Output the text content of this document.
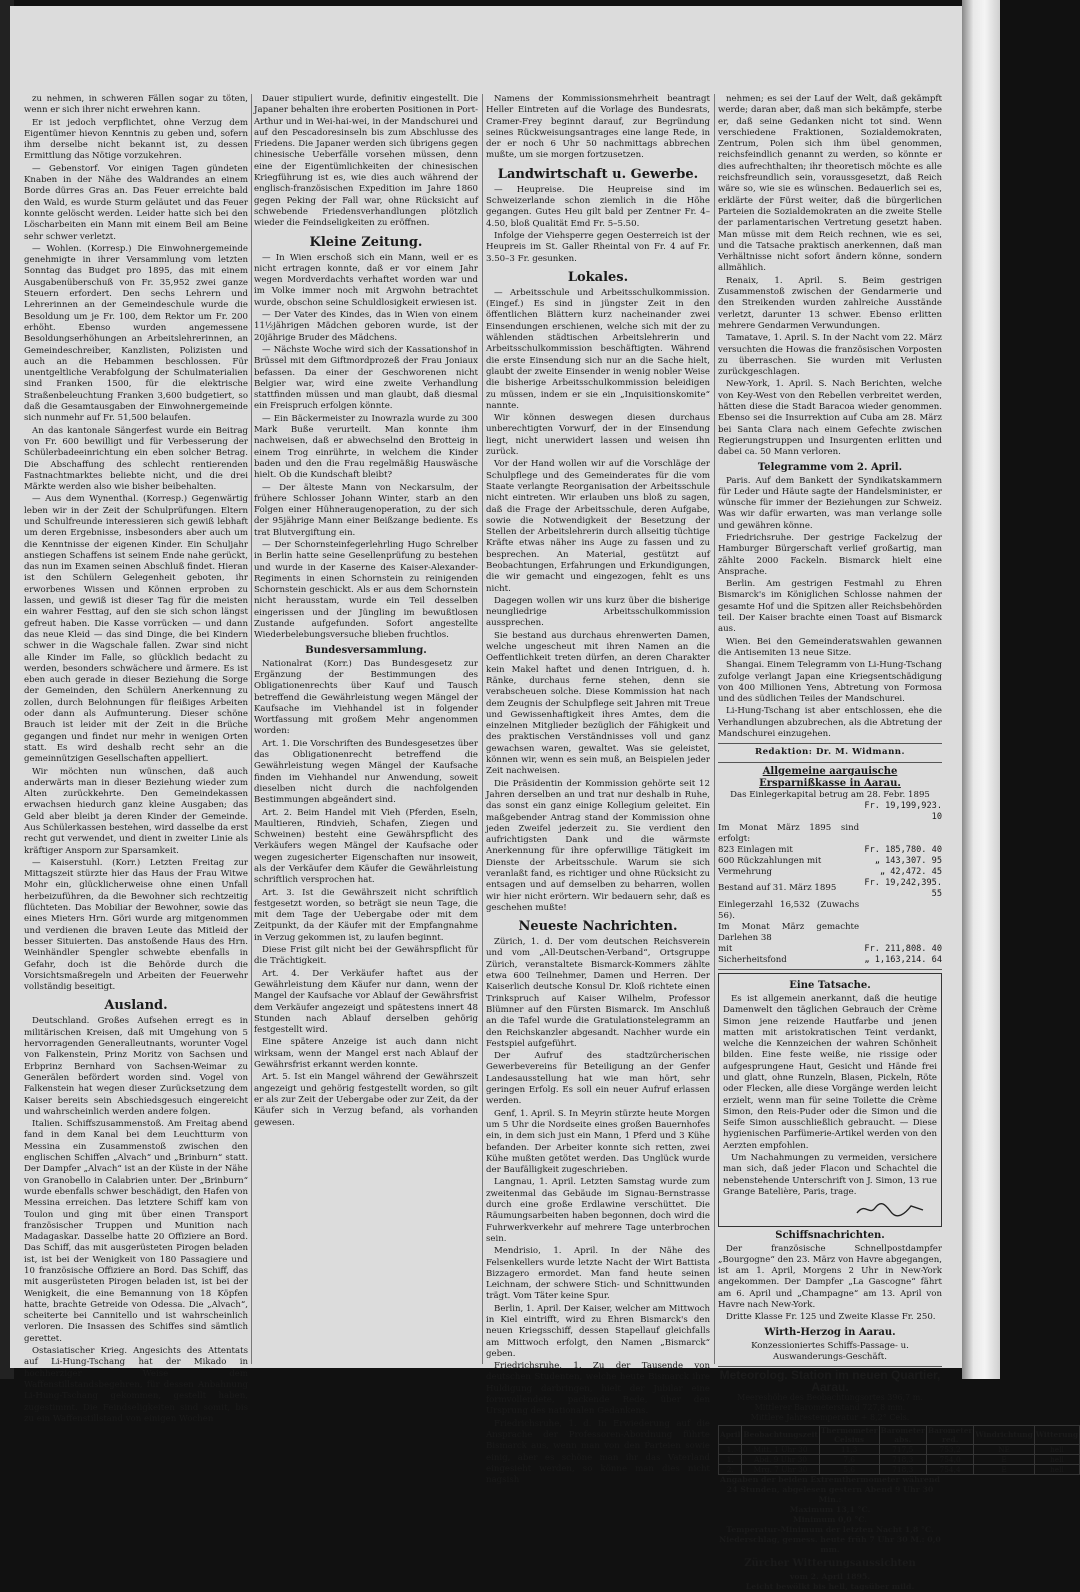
zu nehmen, in schweren Fällen sogar zu töten, wenn er sich ihrer nicht erwehren kann.

Er ist jedoch verpflichtet, ohne Verzug dem Eigentümer hievon Kenntnis zu geben und, sofern ihm derselbe nicht bekannt ist, zu dessen Ermittlung das Nötige vorzukehren.

— Gebenstorf. Vor einigen Tagen gündeten Knaben in der Nähe des Waldrandes an einem Borde dürres Gras an. Das Feuer erreichte bald den Wald, es wurde Sturm geläutet und das Feuer konnte gelöscht werden. Leider hatte sich bei den Löscharbeiten ein Mann mit einem Beil am Beine sehr schwer verletzt.

— Wohlen. (Korresp.) Die Einwohnergemeinde genehmigte in ihrer Versammlung vom letzten Sonntag das Budget pro 1895, das mit einem Ausgabenüberschuß von Fr. 35,952 zwei ganze Steuern erfordert. Den sechs Lehrern und Lehrerinnen an der Gemeindeschule wurde die Besoldung um je Fr. 100, dem Rektor um Fr. 200 erhöht. Ebenso wurden angemessene Besoldungserhöhungen an Arbeitslehrerinnen, an Gemeindeschreiber, Kanzlisten, Polizisten und auch an die Hebammen beschlossen. Für unentgeltliche Verabfolgung der Schulmaterialien sind Franken 1500, für die elektrische Straßenbeleuchtung Franken 3,600 budgetiert, so daß die Gesamtausgaben der Einwohnergemeinde sich nunmehr auf Fr. 51,500 belaufen.

An das kantonale Sängerfest wurde ein Beitrag von Fr. 600 bewilligt und für Verbesserung der Schülerbadeeinrichtung ein eben solcher Betrag. Die Abschaffung des schlecht rentierenden Fastnachtmarktes beliebte nicht, und die drei Märkte werden also wie bisher beibehalten.

— Aus dem Wynenthal. (Korresp.) Gegenwärtig leben wir in der Zeit der Schulprüfungen. Eltern und Schulfreunde interessieren sich gewiß lebhaft um deren Ergebnisse, insbesonders aber auch um die Kenntnisse der eigenen Kinder. Ein Schuljahr anstiegen Schaffens ist seinem Ende nahe gerückt, das nun im Examen seinen Abschluß findet. Hieran ist den Schülern Gelegenheit geboten, ihr erworbenes Wissen und Können erproben zu lassen, und gewiß ist dieser Tag für die meisten ein wahrer Festtag, auf den sie sich schon längst gefreut haben. Die Kasse vorrücken — und dann das neue Kleid — das sind Dinge, die bei Kindern schwer in die Wagschale fallen. Zwar sind nicht alle Kinder im Falle, so glücklich bedacht zu werden, besonders schwächere und ärmere. Es ist eben auch gerade in dieser Beziehung die Sorge der Gemeinden, den Schülern Anerkennung zu zollen, durch Belohnungen für fleißiges Arbeiten oder dann als Aufmunterung. Dieser schöne Brauch ist leider mit der Zeit in die Brüche gegangen und findet nur mehr in wenigen Orten statt. Es wird deshalb recht sehr an die gemeinnützigen Gesellschaften appelliert.

Wir möchten nun wünschen, daß auch anderwärts man in dieser Beziehung wieder zum Alten zurückkehrte. Den Gemeindekassen erwachsen hiedurch ganz kleine Ausgaben; das Geld aber bleibt ja deren Kinder der Gemeinde. Aus Schülerkassen bestehen, wird dasselbe da erst recht gut verwendet, und dient in zweiter Linie als kräftiger Ansporn zur Sparsamkeit.

— Kaiserstuhl. (Korr.) Letzten Freitag zur Mittagszeit stürzte hier das Haus der Frau Witwe Mohr ein, glücklicherweise ohne einen Unfall herbeizuführen, da die Bewohner sich rechtzeitig flüchteten. Das Mobiliar der Bewohner, sowie das eines Mieters Hrn. Göri wurde arg mitgenommen und verdienen die braven Leute das Mitleid der besser Situierten. Das anstoßende Haus des Hrn. Weinhändler Spengler schwebte ebenfalls in Gefahr, doch ist die Behörde durch die Vorsichtsmaßregeln und Arbeiten der Feuerwehr vollständig beseitigt.

Ausland.

Deutschland. Großes Aufsehen erregt es in militärischen Kreisen, daß mit Umgehung von 5 hervorragenden Generalleutnants, worunter Vogel von Falkenstein, Prinz Moritz von Sachsen und Erbprinz Bernhard von Sachsen-Weimar zu Generälen befördert worden sind. Vogel von Falkenstein hat wegen dieser Zurücksetzung dem Kaiser bereits sein Abschiedsgesuch eingereicht und wahrscheinlich werden andere folgen.

Italien. Schiffszusammenstoß. Am Freitag abend fand in dem Kanal bei dem Leuchtturm von Messina ein Zusammenstoß zwischen den englischen Schiffen „Alvach“ und „Brinburn“ statt. Der Dampfer „Alvach“ ist an der Küste in der Nähe von Granobello in Calabrien unter. Der „Brinburn“ wurde ebenfalls schwer beschädigt, den Hafen von Messina erreichen. Das letztere Schiff kam von Toulon und ging mit über einen Transport französischer Truppen und Munition nach Madagaskar. Dasselbe hatte 20 Offiziere an Bord. Das Schiff, das mit ausgerüsteten Pirogen beladen ist, ist bei der Wenigkeit von 180 Passagiere und 10 französische Offiziere an Bord. Das Schiff, das mit ausgerüsteten Pirogen beladen ist, ist bei der Wenigkeit, die eine Bemannung von 18 Köpfen hatte, brachte Getreide von Odessa. Die „Alvach“, scheiterte bei Cannitello und ist wahrscheinlich verloren. Die Insassen des Schiffes sind sämtlich gerettet.

Ostasiatischer Krieg. Angesichts des Attentats auf Li-Hung-Tschang hat der Mikado in hochherziger Weise dem Waffenstillstandsbegehren, für dessen Anbahnung Li-Hung-Tschang gekommen, gestellt haben, zugestimmt. Die Feindseligkeiten sind somit, bis zu ein Waffenstillstand von einigen Wochen

Dauer stipuliert wurde, definitiv eingestellt. Die Japaner behalten ihre eroberten Positionen in Port-Arthur und in Wei-hai-wei, in der Mandschurei und auf den Pescadoresinseln bis zum Abschlusse des Friedens. Die Japaner werden sich übrigens gegen chinesische Ueberfälle vorsehen müssen, denn eine der Eigentümlichkeiten der chinesischen Kriegführung ist es, wie dies auch während der englisch-französischen Expedition im Jahre 1860 gegen Peking der Fall war, ohne Rücksicht auf schwebende Friedensverhandlungen plötzlich wieder die Feindseligkeiten zu eröffnen.

Kleine Zeitung.

— In Wien erschoß sich ein Mann, weil er es nicht ertragen konnte, daß er vor einem Jahr wegen Mordverdachts verhaftet worden war und im Volke immer noch mit Argwohn betrachtet wurde, obschon seine Schuldlosigkeit erwiesen ist.

— Der Vater des Kindes, das in Wien von einem 11½jährigen Mädchen geboren wurde, ist der 20jährige Bruder des Mädchens.

— Nächste Woche wird sich der Kassationshof in Brüssel mit dem Giftmordprozeß der Frau Joniaux befassen. Da einer der Geschworenen nicht Belgier war, wird eine zweite Verhandlung stattfinden müssen und man glaubt, daß diesmal ein Freispruch erfolgen könnte.

— Ein Bäckermeister zu Inowrazla wurde zu 300 Mark Buße verurteilt. Man konnte ihm nachweisen, daß er abwechselnd den Brotteig in einem Trog einrührte, in welchem die Kinder baden und den die Frau regelmäßig Hauswäsche hielt. Ob die Kundschaft bleibt?

— Der älteste Mann von Neckarsulm, der frühere Schlosser Johann Winter, starb an den Folgen einer Hühneraugenoperation, zu der sich der 95jährige Mann einer Beißzange bediente. Es trat Blutvergiftung ein.

— Der Schornsteinfegerlehrling Hugo Schrelber in Berlin hatte seine Gesellenprüfung zu bestehen und wurde in der Kaserne des Kaiser-Alexander-Regiments in einen Schornstein zu reinigenden Schornstein geschickt. Als er aus dem Schornstein nicht herausstam, wurde ein Teil desselben eingerissen und der Jüngling im bewußtlosen Zustande aufgefunden. Sofort angestellte Wiederbelebungsversuche blieben fruchtlos.

Bundesversammlung.

Nationalrat (Korr.) Das Bundesgesetz zur Ergänzung der Bestimmungen des Obligationenrechts über Kauf und Tausch betreffend die Gewährleistung wegen Mängel der Kaufsache im Viehhandel ist in folgender Wortfassung mit großem Mehr angenommen worden:

Art. 1. Die Vorschriften des Bundesgesetzes über das Obligationenrecht betreffend die Gewährleistung wegen Mängel der Kaufsache finden im Viehhandel nur Anwendung, soweit dieselben nicht durch die nachfolgenden Bestimmungen abgeändert sind.

Art. 2. Beim Handel mit Vieh (Pferden, Eseln, Maultieren, Rindvieh, Schafen, Ziegen und Schweinen) besteht eine Gewährspflicht des Verkäufers wegen Mängel der Kaufsache oder wegen zugesicherter Eigenschaften nur insoweit, als der Verkäufer dem Käufer die Gewährleistung schriftlich versprochen hat.

Art. 3. Ist die Gewährszeit nicht schriftlich festgesetzt worden, so beträgt sie neun Tage, die mit dem Tage der Uebergabe oder mit dem Zeitpunkt, da der Käufer mit der Empfangnahme in Verzug gekommen ist, zu laufen beginnt.

Diese Frist gilt nicht bei der Gewährspflicht für die Trächtigkeit.

Art. 4. Der Verkäufer haftet aus der Gewährleistung dem Käufer nur dann, wenn der Mangel der Kaufsache vor Ablauf der Gewährsfrist dem Verkäufer angezeigt und spätestens innert 48 Stunden nach Ablauf derselben gehörig festgestellt wird.

Eine spätere Anzeige ist auch dann nicht wirksam, wenn der Mangel erst nach Ablauf der Gewährsfrist erkannt werden konnte.

Art. 5. Ist ein Mangel während der Gewährszeit angezeigt und gehörig festgestellt worden, so gilt er als zur Zeit der Uebergabe oder zur Zeit, da der Käufer sich in Verzug befand, als vorhanden gewesen.

Namens der Kommissionsmehrheit beantragt Heller Eintreten auf die Vorlage des Bundesrats, Cramer-Frey beginnt darauf, zur Begründung seines Rückweisungsantrages eine lange Rede, in der er noch 6 Uhr 50 nachmittags abbrechen mußte, um sie morgen fortzusetzen.

Landwirtschaft u. Gewerbe.

— Heupreise. Die Heupreise sind im Schweizerlande schon ziemlich in die Höhe gegangen. Gutes Heu gilt bald per Zentner Fr. 4–4.50, bloß Qualität Emd Fr. 5–5.50.

Infolge der Viehsperre gegen Oesterreich ist der Heupreis im St. Galler Rheintal von Fr. 4 auf Fr. 3.50–3 Fr. gesunken.

Lokales.

— Arbeitsschule und Arbeitsschulkommission. (Eingef.) Es sind in jüngster Zeit in den öffentlichen Blättern kurz nacheinander zwei Einsendungen erschienen, welche sich mit der zu wählenden städtischen Arbeitslehrerin und Arbeitsschulkommission beschäftigten. Während die erste Einsendung sich nur an die Sache hielt, glaubt der zweite Einsender in wenig nobler Weise die bisherige Arbeitsschulkommission beleidigen zu müssen, indem er sie ein „Inquisitionskomite“ nannte.

Wir können deswegen diesen durchaus unberechtigten Vorwurf, der in der Einsendung liegt, nicht unerwidert lassen und weisen ihn zurück.

Vor der Hand wollen wir auf die Vorschläge der Schulpflege und des Gemeinderates für die vom Staate verlangte Reorganisation der Arbeitsschule nicht eintreten. Wir erlauben uns bloß zu sagen, daß die Frage der Arbeitsschule, deren Aufgabe, sowie die Notwendigkeit der Besetzung der Stellen der Arbeitslehrerin durch allseitig tüchtige Kräfte etwas näher ins Auge zu fassen und zu besprechen. An Material, gestützt auf Beobachtungen, Erfahrungen und Erkundigungen, die wir gemacht und eingezogen, fehlt es uns nicht.

Dagegen wollen wir uns kurz über die bisherige neungliedrige Arbeitsschulkommission aussprechen.

Sie bestand aus durchaus ehrenwerten Damen, welche ungescheut mit ihren Namen an die Oeffentlichkeit treten dürfen, an deren Charakter kein Makel haftet und denen Intriguen, d. h. Ränke, durchaus ferne stehen, denn sie verabscheuen solche. Diese Kommission hat nach dem Zeugnis der Schulpflege seit Jahren mit Treue und Gewissenhaftigkeit ihres Amtes, dem die einzelnen Mitglieder bezüglich der Fähigkeit und des praktischen Verständnisses voll und ganz gewachsen waren, gewaltet. Was sie geleistet, können wir, wenn es sein muß, an Beispielen jeder Zeit nachweisen.

Die Präsidentin der Kommission gehörte seit 12 Jahren derselben an und trat nur deshalb in Ruhe, das sonst ein ganz einige Kollegium geleitet. Ein maßgebender Antrag stand der Kommission ohne jeden Zweifel jederzeit zu. Sie verdient den aufrichtigsten Dank und die wärmste Anerkennung für ihre opferwillige Tätigkeit im Dienste der Arbeitsschule. Warum sie sich veranlaßt fand, es richtiger und ohne Rücksicht zu entsagen und auf demselben zu beharren, wollen wir hier nicht erörtern. Wir bedauern sehr, daß es geschehen mußte!

Neueste Nachrichten.

Zürich, 1. d. Der vom deutschen Reichsverein und vom „All-Deutschen-Verband“, Ortsgruppe Zürich, veranstaltete Bismarck-Kommers zählte etwa 600 Teilnehmer, Damen und Herren. Der Kaiserlich deutsche Konsul Dr. Kloß richtete einen Trinkspruch auf Kaiser Wilhelm, Professor Blümner auf den Fürsten Bismarck. Im Anschluß an die Tafel wurde die Gratulationstelegramm an den Reichskanzler abgesandt. Nachher wurde ein Festspiel aufgeführt.

Der Aufruf des stadtzürcherischen Gewerbevereins für Beteiligung an der Genfer Landesausstellung hat wie man hört, sehr geringen Erfolg. Es soll ein neuer Aufruf erlassen werden.

Genf, 1. April. S. In Meyrin stürzte heute Morgen um 5 Uhr die Nordseite eines großen Bauernhofes ein, in dem sich just ein Mann, 1 Pferd und 3 Kühe befanden. Der Arbeiter konnte sich retten, zwei Kühe mußten getötet werden. Das Unglück wurde der Baufälligkeit zugeschrieben.

Langnau, 1. April. Letzten Samstag wurde zum zweitenmal das Gebäude im Signau-Bernstrasse durch eine große Erdlawine verschüttet. Die Räumungsarbeiten haben begonnen, doch wird die Fuhrwerkverkehr auf mehrere Tage unterbrochen sein.

Mendrisio, 1. April. In der Nähe des Felsenkellers wurde letzte Nacht der Wirt Battista Bizzagero ermordet. Man fand heute seinen Leichnam, der schwere Stich- und Schnittwunden trägt. Vom Täter keine Spur.

Berlin, 1. April. Der Kaiser, welcher am Mittwoch in Kiel eintrifft, wird zu Ehren Bismarck's den neuen Kriegsschiff, dessen Stapellauf gleichfalls am Mittwoch erfolgt, den Namen „Bismarck“ geben.

Friedrichsruhe, 1. Zu der Tausende von deutschen Studenten, welche heute Bismarck ihre Huldigung darbringen, hielt der Jubilar eine formvollendete, packende Rede, über den Ursprung des nationalen Gedankens.

Friedrichsruhe, 1. d. In Erwiederung auf die Ansprache der Professoren-Abordnung führte Bismarck aus, wenn man von den Parteien sowie einig, aber es schöne man ihr das Vaterland eingesieht werden, so könne man dies nicht nagsish

nehmen; es sei der Lauf der Welt, daß gekämpft werde; daran aber, daß man sich bekämpfe, sterbe er, daß seine Gedanken nicht tot sind. Wenn verschiedene Fraktionen, Sozialdemokraten, Zentrum, Polen sich ihm übel genommen, reichsfeindlich genannt zu werden, so könnte er dies aufrechthalten; ihr theoretisch möchte es alle reichsfreundlich sein, voraussgesetzt, daß Reich wäre so, wie sie es wünschen. Bedauerlich sei es, erklärte der Fürst weiter, daß die bürgerlichen Parteien die Sozialdemokraten an die zweite Stelle der parlamentarischen Vertretung gesetzt haben. Man müsse mit dem Reich rechnen, wie es sei, und die Tatsache praktisch anerkennen, daß man Verhältnisse nicht sofort ändern könne, sondern allmählich.

Renaix, 1. April. S. Beim gestrigen Zusammenstoß zwischen der Gendarmerie und den Streikenden wurden zahlreiche Ausstände verletzt, darunter 13 schwer. Ebenso erlitten mehrere Gendarmen Verwundungen.

Tamatave, 1. April. S. In der Nacht vom 22. März versuchten die Howas die französischen Vorposten zu überraschen. Sie wurden mit Verlusten zurückgeschlagen.

New-York, 1. April. S. Nach Berichten, welche von Key-West von den Rebellen verbreitet werden, hätten diese die Stadt Baracoa wieder genommen. Ebenso sei die Insurrektion auf Cuba am 28. März bei Santa Clara nach einem Gefechte zwischen Regierungstruppen und Insurgenten erlitten und dabei ca. 50 Mann verloren.

Telegramme vom 2. April.

Paris. Auf dem Bankett der Syndikatskammern für Leder und Häute sagte der Handelsminister, er wünsche für immer der Beziehungen zur Schweiz. Was wir dafür erwarten, was man verlange solle und gewähren könne.

Friedrichsruhe. Der gestrige Fackelzug der Hamburger Bürgerschaft verlief großartig, man zählte 2000 Fackeln. Bismarck hielt eine Ansprache.

Berlin. Am gestrigen Festmahl zu Ehren Bismarck's im Königlichen Schlosse nahmen der gesamte Hof und die Spitzen aller Reichsbehörden teil. Der Kaiser brachte einen Toast auf Bismarck aus.

Wien. Bei den Gemeinderatswahlen gewannen die Antisemiten 13 neue Sitze.

Shangai. Einem Telegramm von Li-Hung-Tschang zufolge verlangt Japan eine Kriegsentschädigung von 400 Millionen Yens, Abtretung von Formosa und des südlichen Teiles der Mandschurei.

Li-Hung-Tschang ist aber entschlossen, ehe die Verhandlungen abzubrechen, als die Abtretung der Mandschurei einzugehen.

Redaktion: Dr. M. Widmann.
Allgemeine aargauische Ersparnißkasse in Aarau.
Das Einlegerkapital betrug am 28. Febr. 1895
	Fr. 19,199,923. 10
Im Monat März 1895 sind erfolgt:	
823 Einlagen mit	Fr. 185,780. 40
600 Rückzahlungen mit	„ 143,307. 95
Vermehrung	„ 42,472. 45
Bestand auf 31. März 1895	Fr. 19,242,395. 55
Einlegerzahl 16,532 (Zuwachs 56).	
Im Monat März gemachte Darlehen 38	
mit	Fr. 211,808. 40
Sicherheitsfond	„ 1,163,214. 64
Eine Tatsache.

Es ist allgemein anerkannt, daß die heutige Damenwelt den täglichen Gebrauch der Crème Simon jene reizende Hautfarbe und jenen matten mit aristokratischen Teint verdankt, welche die Kennzeichen der wahren Schönheit bilden. Eine feste weiße, nie rissige oder aufgesprungene Haut, Gesicht und Hände frei und glatt, ohne Runzeln, Blasen, Pickeln, Röte oder Flecken, alle diese Vorgänge werden leicht erzielt, wenn man für seine Toilette die Crème Simon, den Reis-Puder oder die Simon und die Seife Simon ausschließlich gebraucht. — Diese hygienischen Parfümerie-Artikel werden von den Aerzten empfohlen.

Um Nachahmungen zu vermeiden, versichere man sich, daß jeder Flacon und Schachtel die nebenstehende Unterschrift von J. Simon, 13 rue Grange Batelière, Paris, trage.

Schiffsnachrichten.

Der französische Schnellpostdampfer „Bourgogne“ den 23. März von Havre abgegangen, ist am 1. April, Morgens 2 Uhr in New-York angekommen. Der Dampfer „La Gascogne“ fährt am 6. April und „Champagne“ am 13. April von Havre nach New-York.

Dritte Klasse Fr. 125 und Zweite Klasse Fr. 250.

Wirth-Herzog in Aarau.
Konzessioniertes Schiffs-Passage- u. Auswanderungs-Geschäft.
Meteorolog. Station im neuen Quartier,
Aarau.
Meereshöhe des Beobachtungsortes 396,7 m.
Mittlerer Barometerstand 727,8 mm.
Mittlere Jahrestemperatur + 8,2° Cels.
April	Beobachtungszeit	Thermometer Celsius	Barometer abs.	Barometer red.	Windrichtung	Witterung
1.	Mitt. 1 Uhr 30	11,3	717,5	753,2	NE	hell
1.	Abd. 9 Uhr 30	7,6	718,3	754,0	E	hell
2.	Mrg. 7 Uhr 30	5,6	718,3	754,4	E	hell
Angaben der beiden Extremthermometer während 24 Stunden, abgelesen gestern Abend 9 Uhr 30 Min.:
Maximum 13,1 °C.
Minimum 0,0 °C.
Temperatur-Minimum der letzten Nacht 1,8 °C.
Niederschlag, gemess. heute früh 7 Uhr 30 M.: 0,0 mm.
Zürcher Witterungsaussichten
vom 2. April 1895.
Leicht bewölkt bis hell, tagsüber mild.
